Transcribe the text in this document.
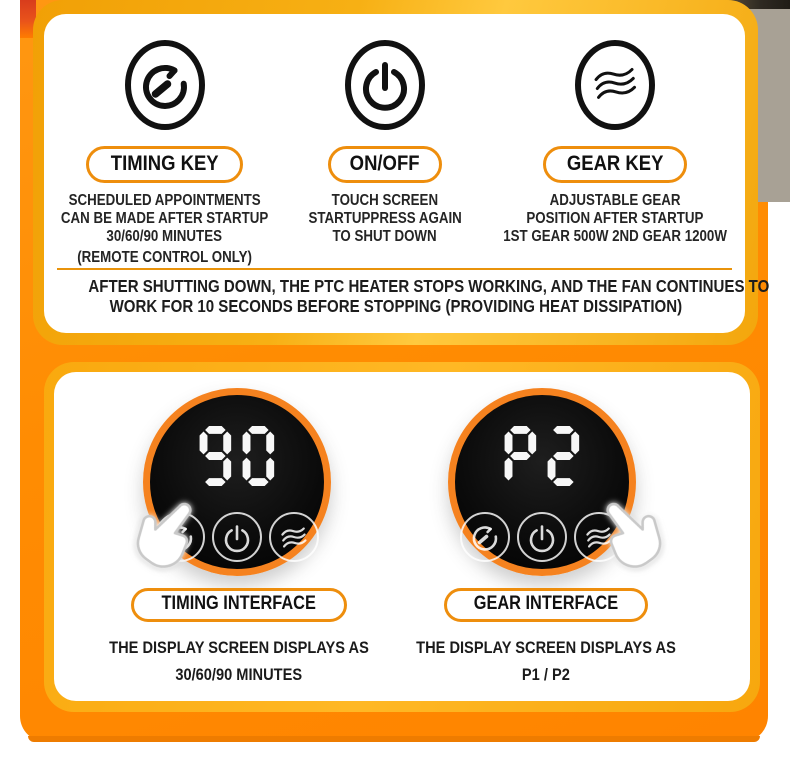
TIMING KEY
SCHEDULED APPOINTMENTS
CAN BE MADE AFTER STARTUP
30/60/90 MINUTES
(REMOTE CONTROL ONLY)
ON/OFF
TOUCH SCREEN
STARTUPPRESS AGAIN
TO SHUT DOWN
GEAR KEY
ADJUSTABLE GEAR
POSITION AFTER STARTUP
1ST GEAR 500W 2ND GEAR 1200W
AFTER SHUTTING DOWN, THE PTC HEATER STOPS WORKING, AND THE FAN CONTINUES TO
WORK FOR 10 SECONDS BEFORE STOPPING (PROVIDING HEAT DISSIPATION)
TIMING INTERFACE
THE DISPLAY SCREEN DISPLAYS AS
30/60/90 MINUTES
GEAR INTERFACE
THE DISPLAY SCREEN DISPLAYS AS
P1 / P2
